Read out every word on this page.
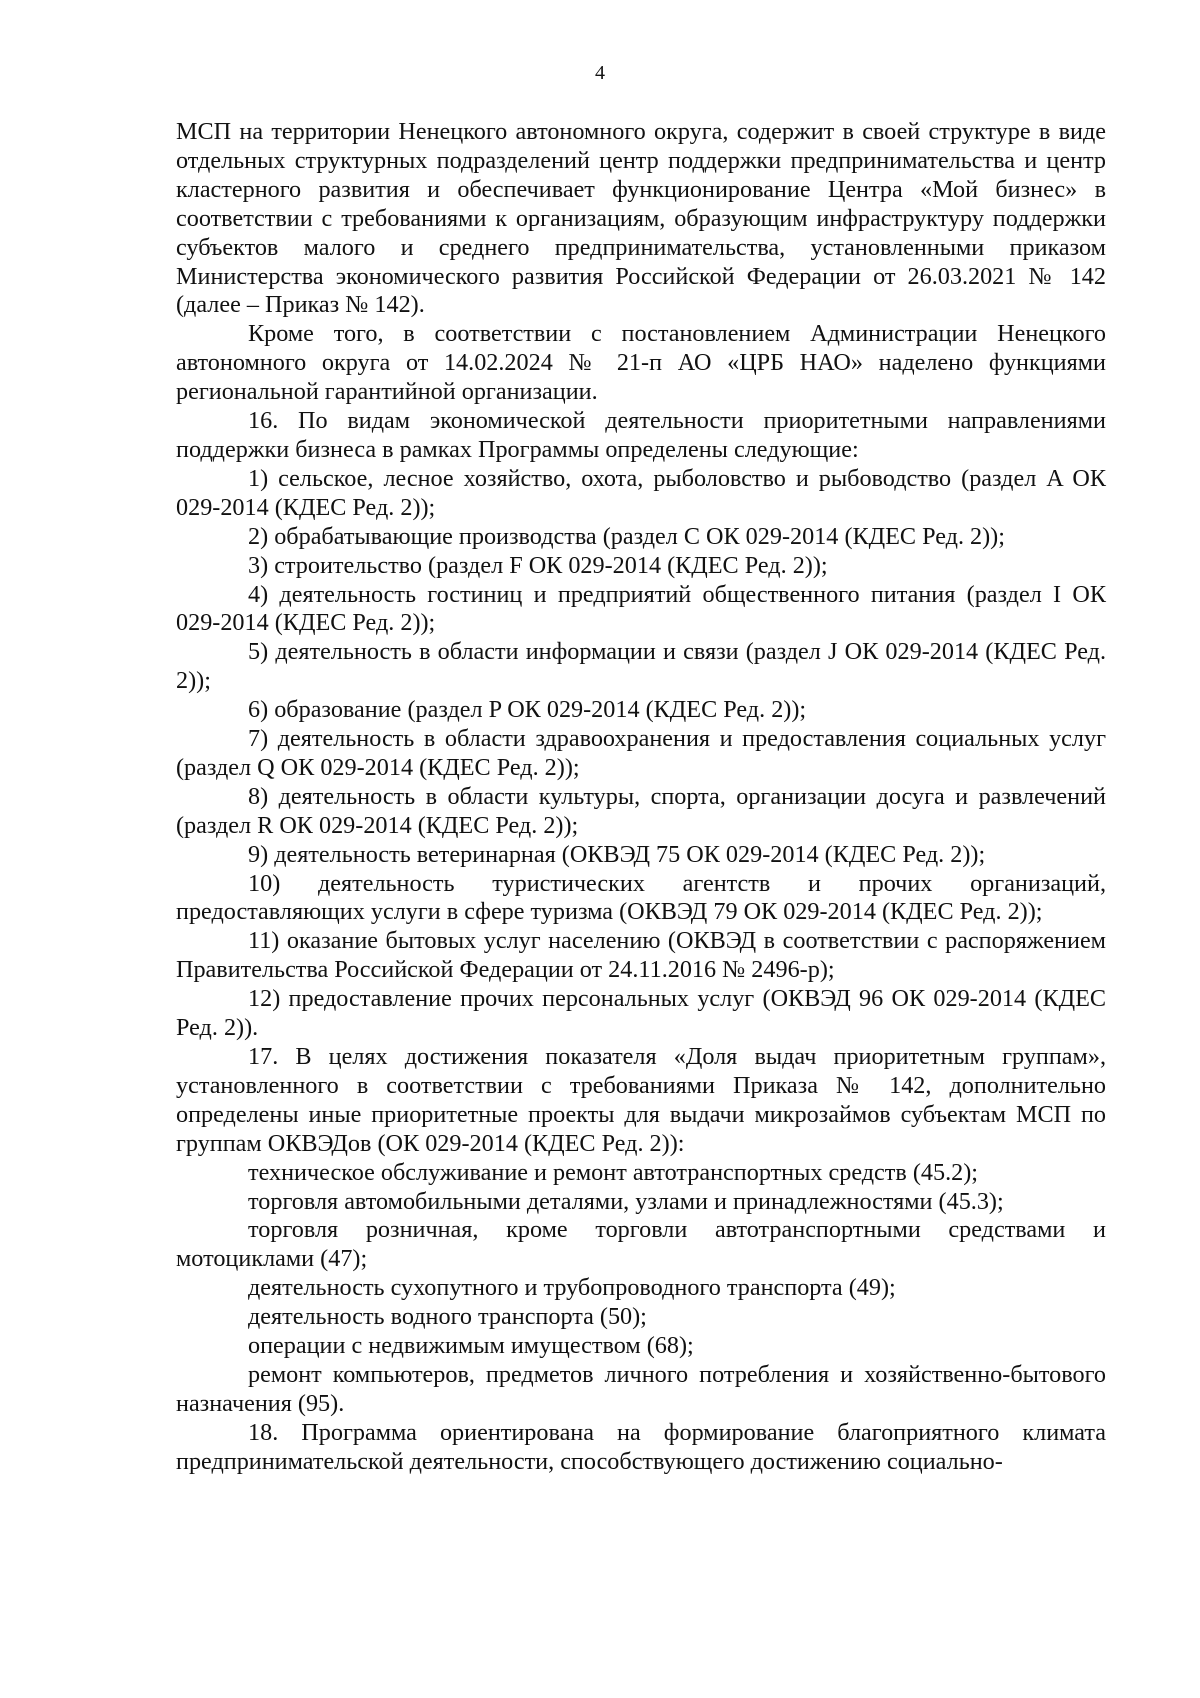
4

МСП на территории Ненецкого автономного округа, содержит в своей структуре в виде отдельных структурных подразделений центр поддержки предпринимательства и центр кластерного развития и обеспечивает функционирование Центра «Мой бизнес» в соответствии с требованиями к организациям, образующим инфраструктуру поддержки субъектов малого и среднего предпринимательства, установленными приказом Министерства экономического развития Российской Федерации от 26.03.2021 № 142 (далее – Приказ № 142).

Кроме того, в соответствии с постановлением Администрации Ненецкого автономного округа от 14.02.2024 № 21-п АО «ЦРБ НАО» наделено функциями региональной гарантийной организации.

16. По видам экономической деятельности приоритетными направлениями поддержки бизнеса в рамках Программы определены следующие:

1) сельское, лесное хозяйство, охота, рыболовство и рыбоводство (раздел A ОК 029-2014 (КДЕС Ред. 2));

2) обрабатывающие производства (раздел C ОК 029-2014 (КДЕС Ред. 2));

3) строительство (раздел F ОК 029-2014 (КДЕС Ред. 2));

4) деятельность гостиниц и предприятий общественного питания (раздел I ОК 029-2014 (КДЕС Ред. 2));

5) деятельность в области информации и связи (раздел J ОК 029-2014 (КДЕС Ред. 2));

6) образование (раздел P ОК 029-2014 (КДЕС Ред. 2));

7) деятельность в области здравоохранения и предоставления социальных услуг (раздел Q ОК 029-2014 (КДЕС Ред. 2));

8) деятельность в области культуры, спорта, организации досуга и развлечений (раздел R ОК 029-2014 (КДЕС Ред. 2));

9) деятельность ветеринарная (ОКВЭД 75 ОК 029-2014 (КДЕС Ред. 2));

10) деятельность туристических агентств и прочих организаций, предоставляющих услуги в сфере туризма (ОКВЭД 79 ОК 029-2014 (КДЕС Ред. 2));

11) оказание бытовых услуг населению (ОКВЭД в соответствии с распоряжением Правительства Российской Федерации от 24.11.2016 № 2496-р);

12) предоставление прочих персональных услуг (ОКВЭД 96 ОК 029-2014 (КДЕС Ред. 2)).

17. В целях достижения показателя «Доля выдач приоритетным группам», установленного в соответствии с требованиями Приказа № 142, дополнительно определены иные приоритетные проекты для выдачи микрозаймов субъектам МСП по группам ОКВЭДов (ОК 029-2014 (КДЕС Ред. 2)):

техническое обслуживание и ремонт автотранспортных средств (45.2);

торговля автомобильными деталями, узлами и принадлежностями (45.3);

торговля розничная, кроме торговли автотранспортными средствами и мотоциклами (47);

деятельность сухопутного и трубопроводного транспорта (49);

деятельность водного транспорта (50);

операции с недвижимым имуществом (68);

ремонт компьютеров, предметов личного потребления и хозяйственно-бытового назначения (95).

18. Программа ориентирована на формирование благоприятного климата предпринимательской деятельности, способствующего достижению социально-
